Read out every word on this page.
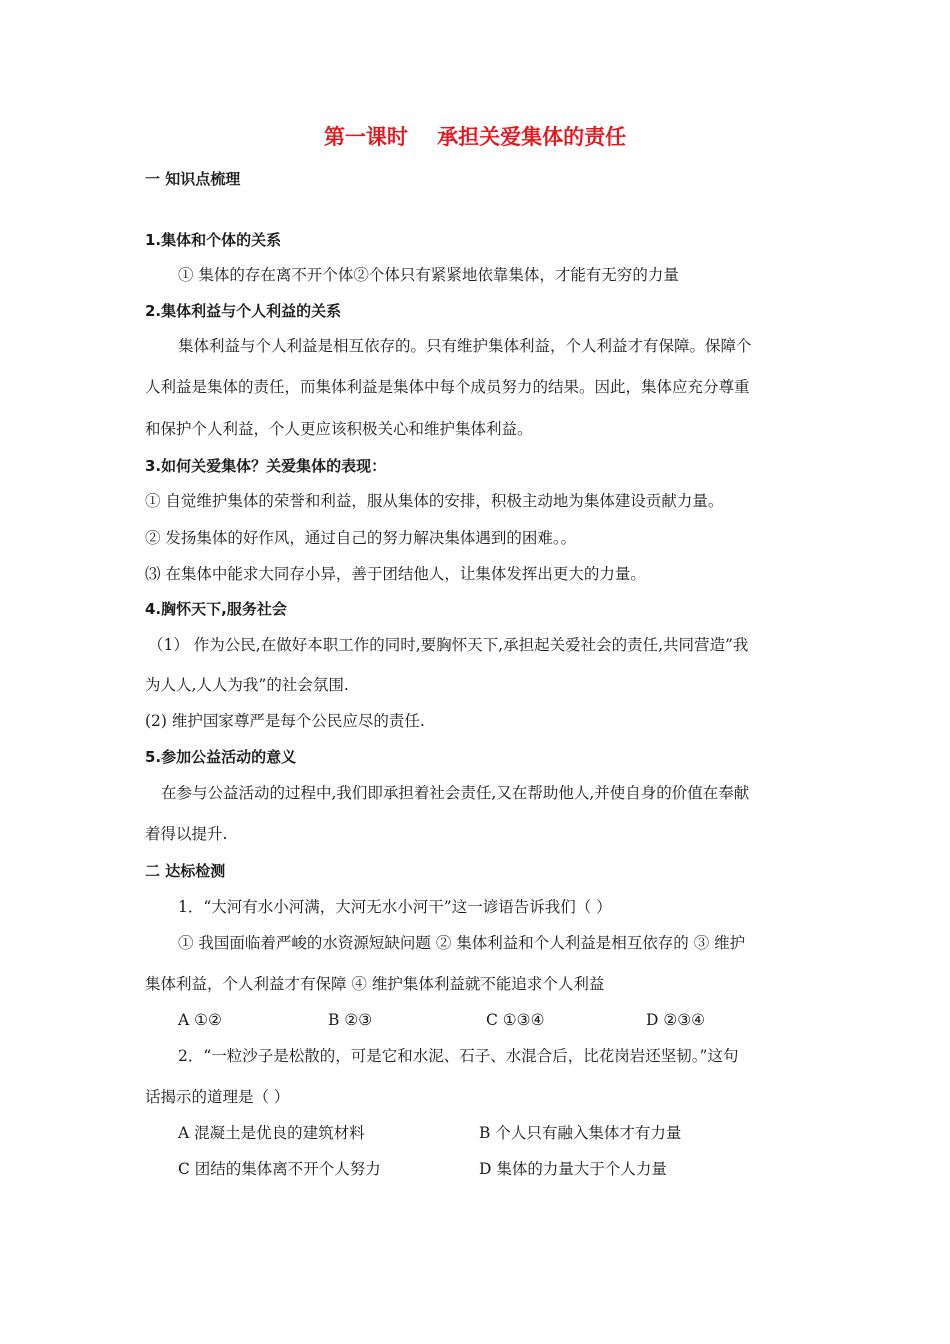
第一课时    承担关爱集体的责任
一 知识点梳理
1.集体和个体的关系
① 集体的存在离不开个体②个体只有紧紧地依靠集体，才能有无穷的力量
2.集体利益与个人利益的关系
集体利益与个人利益是相互依存的。只有维护集体利益，个人利益才有保障。保障个
人利益是集体的责任，而集体利益是集体中每个成员努力的结果。因此，集体应充分尊重
和保护个人利益，个人更应该积极关心和维护集体利益。
3.如何关爱集体？关爱集体的表现：
① 自觉维护集体的荣誉和利益，服从集体的安排，积极主动地为集体建设贡献力量。
② 发扬集体的好作风，通过自己的努力解决集体遇到的困难。。
⑶ 在集体中能求大同存小异，善于团结他人，让集体发挥出更大的力量。
4.胸怀天下,服务社会
（1） 作为公民,在做好本职工作的同时,要胸怀天下,承担起关爱社会的责任,共同营造”我
为人人,人人为我”的社会氛围.
(2) 维护国家尊严是每个公民应尽的责任.
5.参加公益活动的意义
在参与公益活动的过程中,我们即承担着社会责任,又在帮助他人,并使自身的价值在奉献
着得以提升.
二 达标检测
1．“大河有水小河满，大河无水小河干”这一谚语告诉我们（ ）
① 我国面临着严峻的水资源短缺问题 ② 集体利益和个人利益是相互依存的 ③ 维护
集体利益，个人利益才有保障 ④ 维护集体利益就不能追求个人利益
A ①②	B ②③	C ①③④	D ②③④
2．“一粒沙子是松散的，可是它和水泥、石子、水混合后，比花岗岩还坚韧。”这句
话揭示的道理是（ ）
A 混凝土是优良的建筑材料	B 个人只有融入集体才有力量
C 团结的集体离不开个人努力	D 集体的力量大于个人力量
